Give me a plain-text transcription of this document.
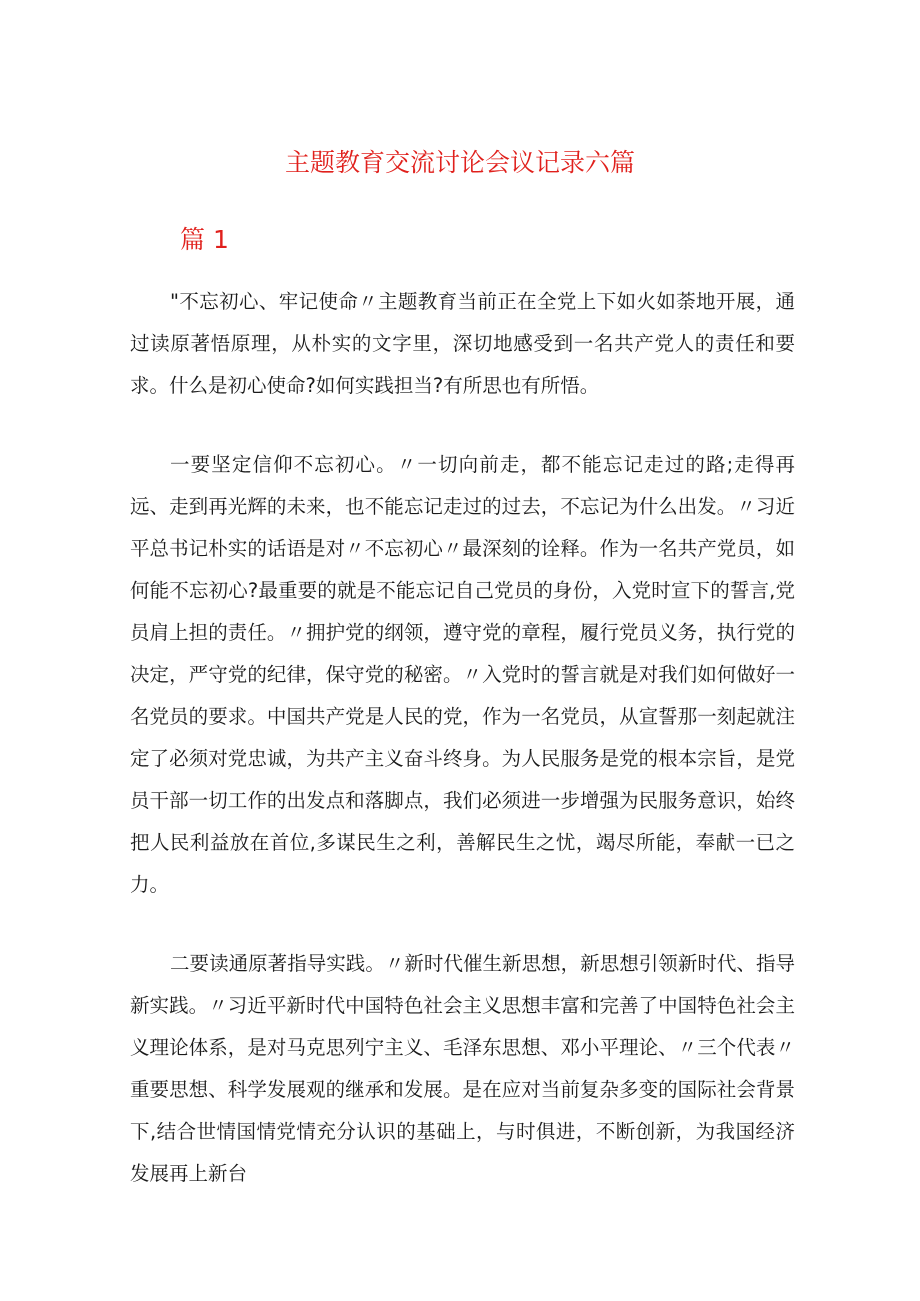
主题教育交流讨论会议记录六篇
篇 1

"不忘初心、牢记使命〃主题教育当前正在全党上下如火如荼地开展，通过读原著悟原理，从朴实的文字里，深切地感受到一名共产党人的责任和要求。什么是初心使命?如何实践担当?有所思也有所悟。

一要坚定信仰不忘初心。〃一切向前走，都不能忘记走过的路;走得再远、走到再光辉的未来，也不能忘记走过的过去，不忘记为什么出发。〃习近平总书记朴实的话语是对〃不忘初心〃最深刻的诠释。作为一名共产党员，如何能不忘初心?最重要的就是不能忘记自己党员的身份，入党时宣下的誓言,党员肩上担的责任。〃拥护党的纲领，遵守党的章程，履行党员义务，执行党的决定，严守党的纪律，保守党的秘密。〃入党时的誓言就是对我们如何做好一名党员的要求。中国共产党是人民的党，作为一名党员，从宣誓那一刻起就注定了必须对党忠诚，为共产主义奋斗终身。为人民服务是党的根本宗旨，是党员干部一切工作的出发点和落脚点，我们必须进一步增强为民服务意识，始终把人民利益放在首位,多谋民生之利，善解民生之忧，竭尽所能，奉献一已之力。

二要读通原著指导实践。〃新时代催生新思想，新思想引领新时代、指导新实践。〃习近平新时代中国特色社会主义思想丰富和完善了中国特色社会主义理论体系，是对马克思列宁主义、毛泽东思想、邓小平理论、〃三个代表〃重要思想、科学发展观的继承和发展。是在应对当前复杂多变的国际社会背景下,结合世情国情党情充分认识的基础上，与时俱进，不断创新，为我国经济发展再上新台
